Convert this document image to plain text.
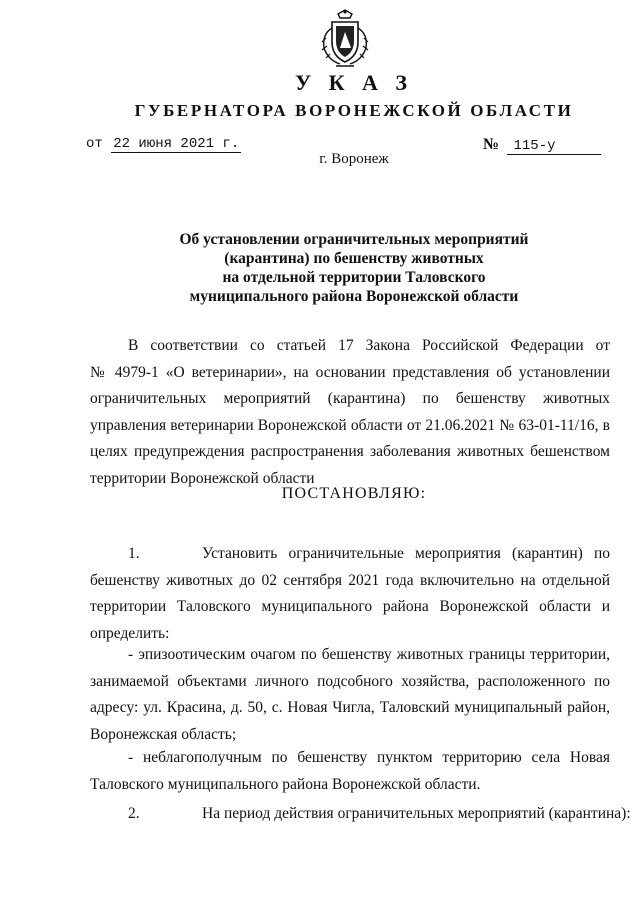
У К А З
ГУБЕРНАТОРА ВОРОНЕЖСКОЙ ОБЛАСТИ
от 22 июня 2021 г.	№ 115-у
г. Воронеж
Об установлении ограничительных мероприятий
(карантина) по бешенству животных
на отдельной территории Таловского
муниципального района Воронежской области
В соответствии со статьей 17 Закона Российской Федерации от
№ 4979-1 «О ветеринарии», на основании представления об установлении
ограничительных мероприятий (карантина) по бешенству животных
управления ветеринарии Воронежской области от 21.06.2021 № 63-01-11/16, в
целях предупреждения распространения заболевания животных бешенством
территории Воронежской области
ПОСТАНОВЛЯЮ:
1.	Установить ограничительные мероприятия (карантин) по
бешенству животных до 02 сентября 2021 года включительно на отдельной
территории Таловского муниципального района Воронежской области и
определить:
- эпизоотическим очагом по бешенству животных границы территории,
занимаемой объектами личного подсобного хозяйства, расположенного по
адресу: ул. Красина, д. 50, с. Новая Чигла, Таловский муниципальный район,
Воронежская область;
- неблагополучным по бешенству пунктом территорию села Новая
Таловского муниципального района Воронежской области.
2.	На период действия ограничительных мероприятий (карантина):
